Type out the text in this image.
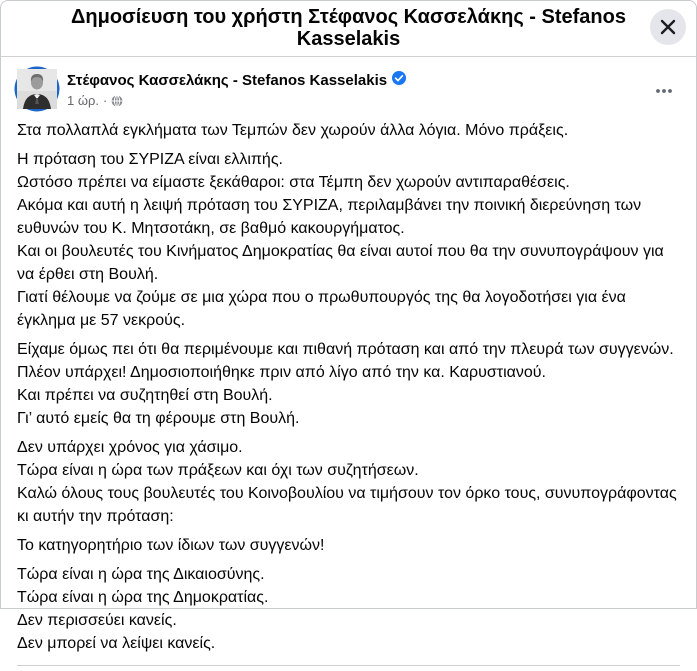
Δημοσίευση του χρήστη Στέφανος Κασσελάκης - Stefanos Kasselakis
Στέφανος Κασσελάκης - Stefanos Kasselakis
1 ώρ. ·

Στα πολλαπλά εγκλήματα των Τεμπών δεν χωρούν άλλα λόγια. Μόνο πράξεις.

Η πρόταση του ΣΥΡΙΖΑ είναι ελλιπής.
Ωστόσο πρέπει να είμαστε ξεκάθαροι: στα Τέμπη δεν χωρούν αντιπαραθέσεις.
Ακόμα και αυτή η λειψή πρόταση του ΣΥΡΙΖΑ, περιλαμβάνει την ποινική διερεύνηση των ευθυνών του Κ. Μητσοτάκη, σε βαθμό κακουργήματος.
Και οι βουλευτές του Κινήματος Δημοκρατίας θα είναι αυτοί που θα την συνυπογράψουν για να έρθει στη Βουλή.
Γιατί θέλουμε να ζούμε σε μια χώρα που ο πρωθυπουργός της θα λογοδοτήσει για ένα έγκλημα με 57 νεκρούς.

Είχαμε όμως πει ότι θα περιμένουμε και πιθανή πρόταση και από την πλευρά των συγγενών.
Πλέον υπάρχει! Δημοσιοποιήθηκε πριν από λίγο από την κα. Καρυστιανού.
Και πρέπει να συζητηθεί στη Βουλή.
Γι’ αυτό εμείς θα τη φέρουμε στη Βουλή.

Δεν υπάρχει χρόνος για χάσιμο.
Τώρα είναι η ώρα των πράξεων και όχι των συζητήσεων.
Καλώ όλους τους βουλευτές του Κοινοβουλίου να τιμήσουν τον όρκο τους, συνυπογράφοντας κι αυτήν την πρόταση:

Το κατηγορητήριο των ίδιων των συγγενών!

Τώρα είναι η ώρα της Δικαιοσύνης.
Τώρα είναι η ώρα της Δημοκρατίας.
Δεν περισσεύει κανείς.
Δεν μπορεί να λείψει κανείς.
